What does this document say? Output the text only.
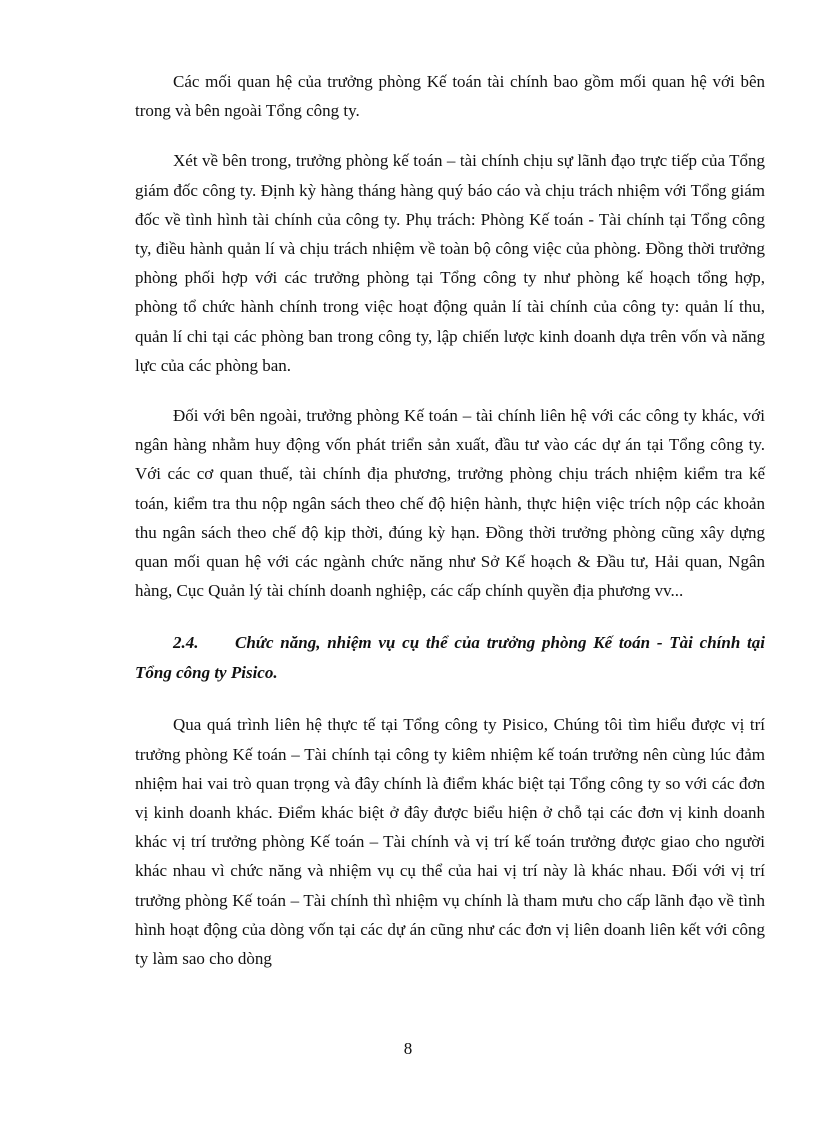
Các mối quan hệ của trưởng phòng Kế toán tài chính bao gồm mối quan hệ với bên trong và bên ngoài Tổng công ty.

Xét về bên trong, trưởng phòng kế toán – tài chính chịu sự lãnh đạo trực tiếp của Tổng giám đốc công ty. Định kỳ hàng tháng hàng quý báo cáo và chịu trách nhiệm với Tổng giám đốc về tình hình tài chính của công ty. Phụ trách: Phòng Kế toán - Tài chính tại Tổng công ty, điều hành quản lí và chịu trách nhiệm về toàn bộ công việc của phòng. Đồng thời trưởng phòng phối hợp với các trưởng phòng tại Tổng công ty như phòng kế hoạch tổng hợp, phòng tổ chức hành chính trong việc hoạt động quản lí tài chính của công ty: quản lí thu, quản lí chi tại các phòng ban trong công ty, lập chiến lược kinh doanh dựa trên vốn và năng lực của các phòng ban.

Đối với bên ngoài, trưởng phòng Kế toán – tài chính liên hệ với các công ty khác, với ngân hàng nhằm huy động vốn phát triển sản xuất, đầu tư vào các dự án tại Tổng công ty. Với các cơ quan thuế, tài chính địa phương, trưởng phòng chịu trách nhiệm kiểm tra kế toán, kiểm tra thu nộp ngân sách theo chế độ hiện hành, thực hiện việc trích nộp các khoản thu ngân sách theo chế độ kịp thời, đúng kỳ hạn. Đồng thời trưởng phòng cũng xây dựng quan mối quan hệ với các ngành chức năng như Sở Kế hoạch & Đầu tư, Hải quan, Ngân hàng, Cục Quản lý tài chính doanh nghiệp, các cấp chính quyền địa phương vv...

2.4. Chức năng, nhiệm vụ cụ thể của trưởng phòng Kế toán - Tài chính tại Tổng công ty Pisico.

Qua quá trình liên hệ thực tế tại Tổng công ty Pisico, Chúng tôi tìm hiểu được vị trí trưởng phòng Kế toán – Tài chính tại công ty kiêm nhiệm kế toán trưởng nên cùng lúc đảm nhiệm hai vai trò quan trọng và đây chính là điểm khác biệt tại Tổng công ty so với các đơn vị kinh doanh khác. Điểm khác biệt ở đây được biểu hiện ở chỗ tại các đơn vị kinh doanh khác vị trí trưởng phòng Kế toán – Tài chính và vị trí kế toán trưởng được giao cho người khác nhau vì chức năng và nhiệm vụ cụ thể của hai vị trí này là khác nhau. Đối với vị trí trưởng phòng Kế toán – Tài chính thì nhiệm vụ chính là tham mưu cho cấp lãnh đạo về tình hình hoạt động của dòng vốn tại các dự án cũng như các đơn vị liên doanh liên kết với công ty làm sao cho dòng

8
